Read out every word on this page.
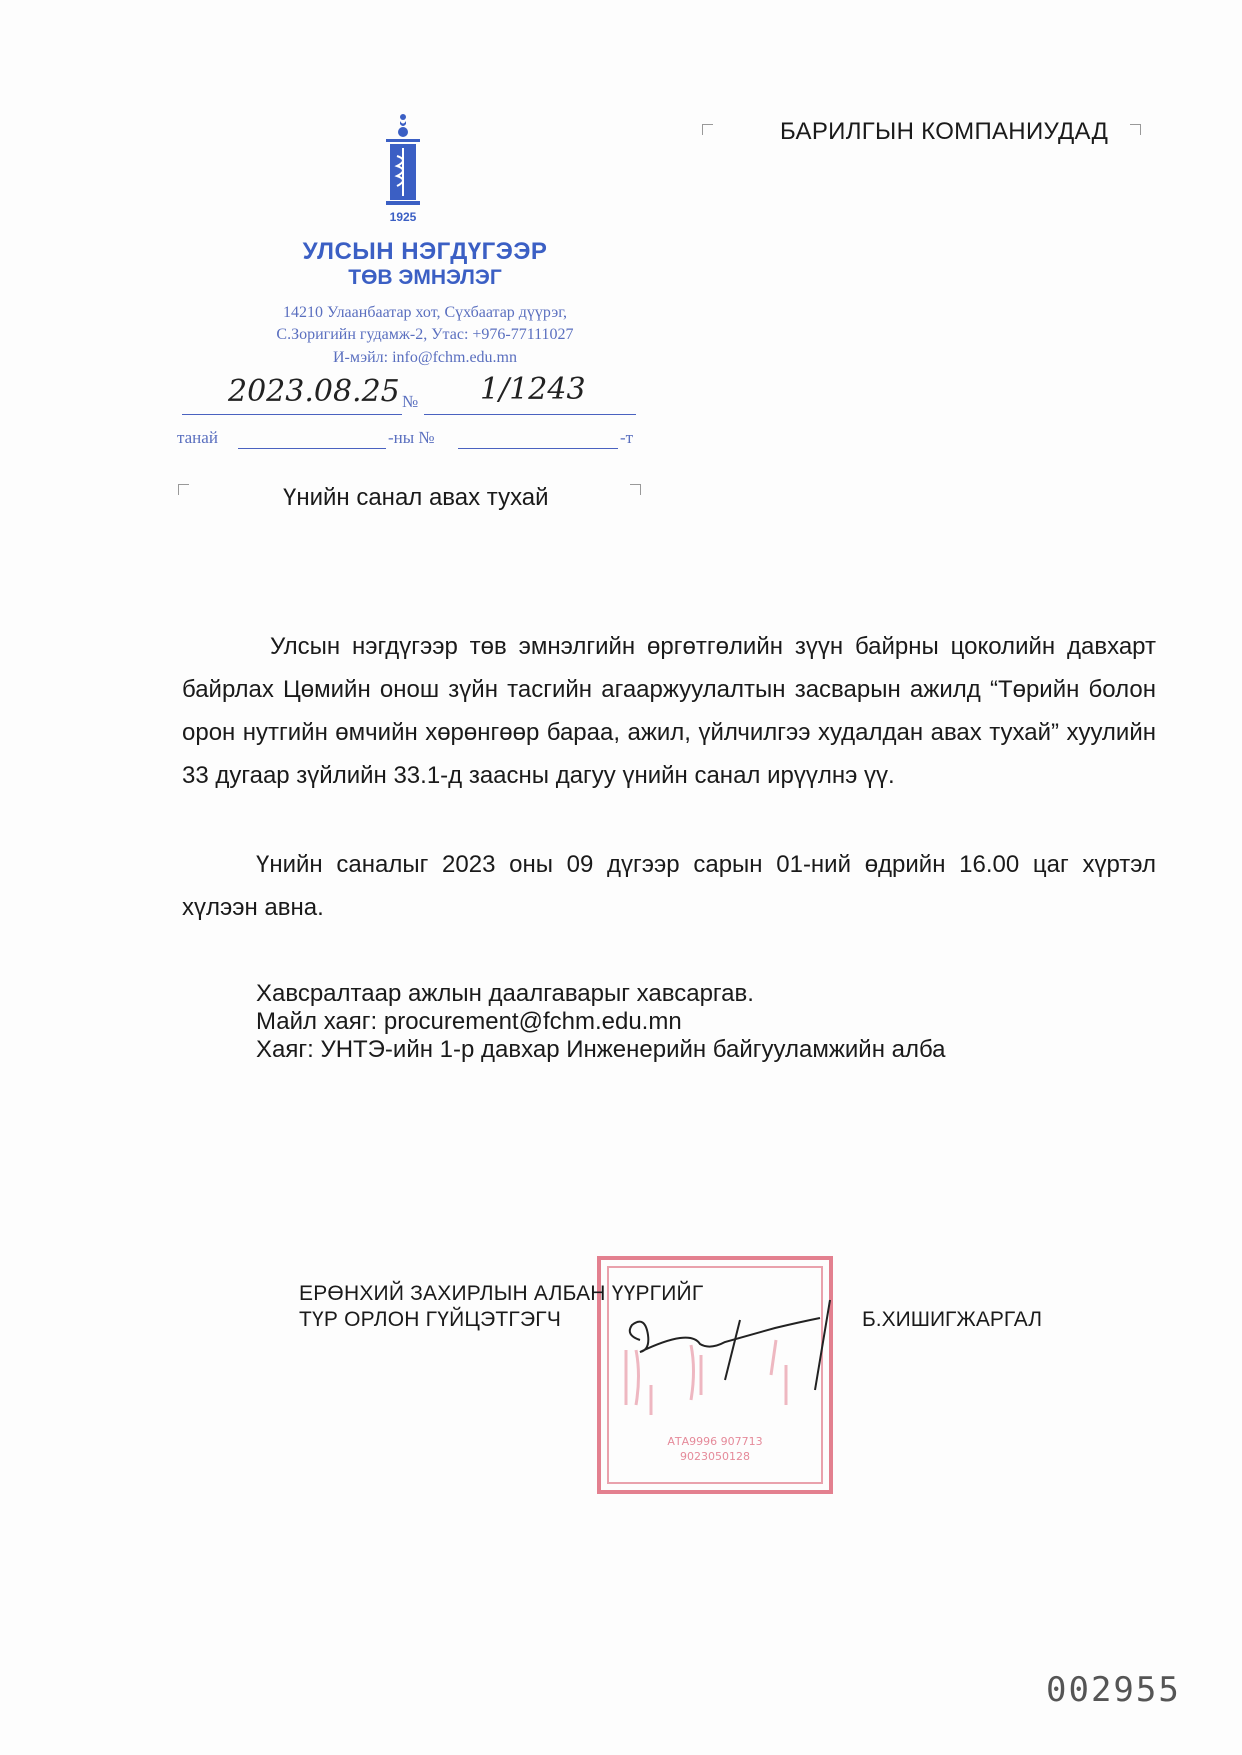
1925
УЛСЫН НЭГДҮГЭЭР
ТӨВ ЭМНЭЛЭГ
14210 Улаанбаатар хот, Сүхбаатар дүүрэг,
С.Зоригийн гудамж-2, Утас: +976-77111027
И-мэйл: info@fchm.edu.mn
2023.08.25 № 1/1243
танай	-ны №	-т
БАРИЛГЫН КОМПАНИУДАД
Үнийн санал авах тухай
Улсын нэгдүгээр төв эмнэлгийн өргөтгөлийн зүүн байрны цоколийн давхарт байрлах Цөмийн онош зүйн тасгийн агааржуулалтын засварын ажилд “Төрийн болон орон нутгийн өмчийн хөрөнгөөр бараа, ажил, үйлчилгээ худалдан авах тухай” хуулийн 33 дугаар зүйлийн 33.1-д заасны дагуу үнийн санал ирүүлнэ үү.
Үнийн саналыг 2023 оны 09 дүгээр сарын 01-ний өдрийн 16.00 цаг хүртэл хүлээн авна.
Хавсралтаар ажлын даалгаварыг хавсаргав.
Майл хаяг: procurement@fchm.edu.mn
Хаяг: УНТЭ-ийн 1-р давхар Инженерийн байгууламжийн алба
АТА9996 907713
9023050128
ЕРӨНХИЙ ЗАХИРЛЫН АЛБАН ҮҮРГИЙГ
ТҮР ОРЛОН ГҮЙЦЭТГЭГЧ	Б.ХИШИГЖАРГАЛ
002955
